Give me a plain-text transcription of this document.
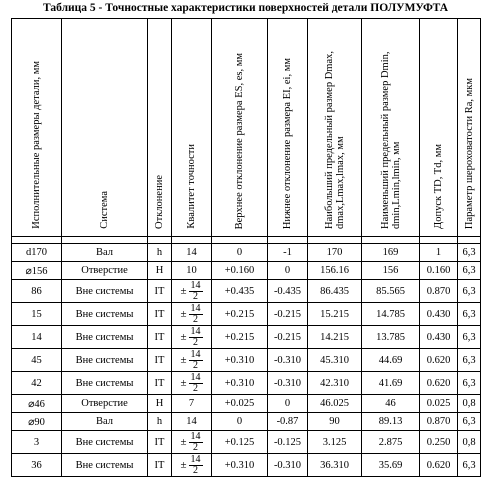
Таблица 5 - Точностные характеристики поверхностей детали ПОЛУМУФТА
Исполнительные размеры детали, мм	Система	Отклонение	Квалитет точности	Верхнее отклонение размера ES, es, мм	Нижнее отклонение размера EI, ei, мм	Наибольший предельный размер Dmax, dmax,Lmax,lmax, мм	Наименьший предельный размер Dmin, dmin,Lmin,lmin, мм	Допуск TD, Td, мм	Параметр шероховатости Ra, мкм

d170	Вал	h	14	0	-1	170	169	1	6,3
⌀156	Отверстие	H	10	+0.160	0	156.16	156	0.160	6,3
86	Вне системы	IT	± $\frac{14}{2}$	+0.435	-0.435	86.435	85.565	0.870	6,3
15	Вне системы	IT	± $\frac{14}{2}$	+0.215	-0.215	15.215	14.785	0.430	6,3
14	Вне системы	IT	± $\frac{14}{2}$	+0.215	-0.215	14.215	13.785	0.430	6,3
45	Вне системы	IT	± $\frac{14}{2}$	+0.310	-0.310	45.310	44.69	0.620	6,3
42	Вне системы	IT	± $\frac{14}{2}$	+0.310	-0.310	42.310	41.69	0.620	6,3
⌀46	Отверстие	H	7	+0.025	0	46.025	46	0.025	0,8
⌀90	Вал	h	14	0	-0.87	90	89.13	0.870	6,3
3	Вне системы	IT	± $\frac{14}{2}$	+0.125	-0.125	3.125	2.875	0.250	0,8
36	Вне системы	IT	± $\frac{14}{2}$	+0.310	-0.310	36.310	35.69	0.620	6,3
